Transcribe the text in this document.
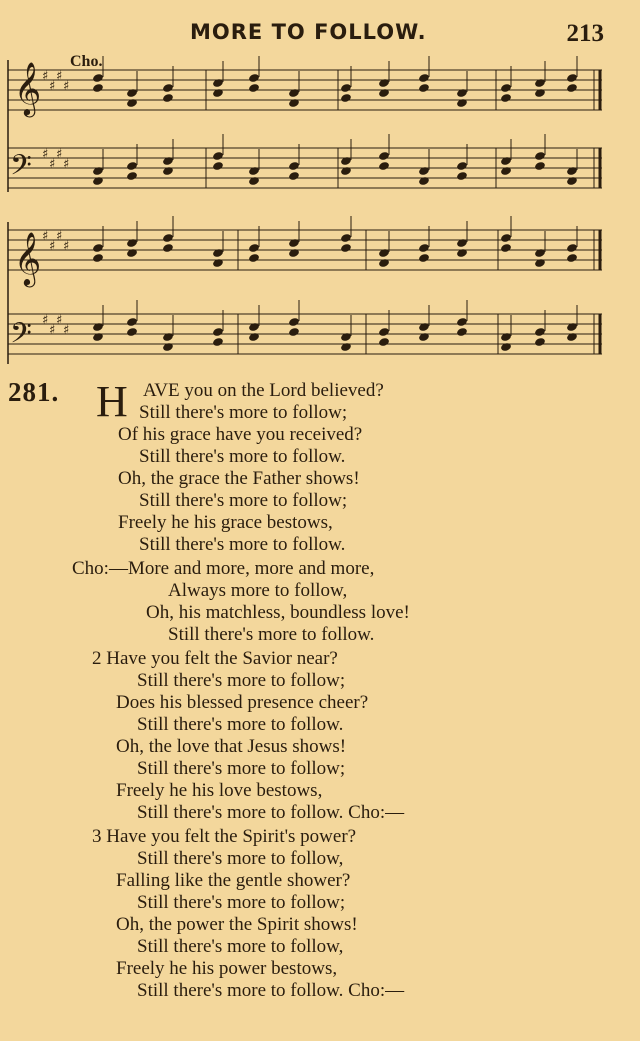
MORE TO FOLLOW.	213
Cho.
♯
♯
♯
♯
♯
♯
♯
♯
♯
♯
♯
♯
♯
♯
♯
♯
𝄞
𝄢
𝄞
𝄢
281. H AVE you on the Lord believed?
Still there's more to follow;
Of his grace have you received?
Still there's more to follow.
Oh, the grace the Father shows!
Still there's more to follow;
Freely he his grace bestows,
Still there's more to follow.
Cho:—More and more, more and more,
Always more to follow,
Oh, his matchless, boundless love!
Still there's more to follow.
2 Have you felt the Savior near?
Still there's more to follow;
Does his blessed presence cheer?
Still there's more to follow.
Oh, the love that Jesus shows!
Still there's more to follow;
Freely he his love bestows,
Still there's more to follow. Cho:—
3 Have you felt the Spirit's power?
Still there's more to follow,
Falling like the gentle shower?
Still there's more to follow;
Oh, the power the Spirit shows!
Still there's more to follow,
Freely he his power bestows,
Still there's more to follow. Cho:—
